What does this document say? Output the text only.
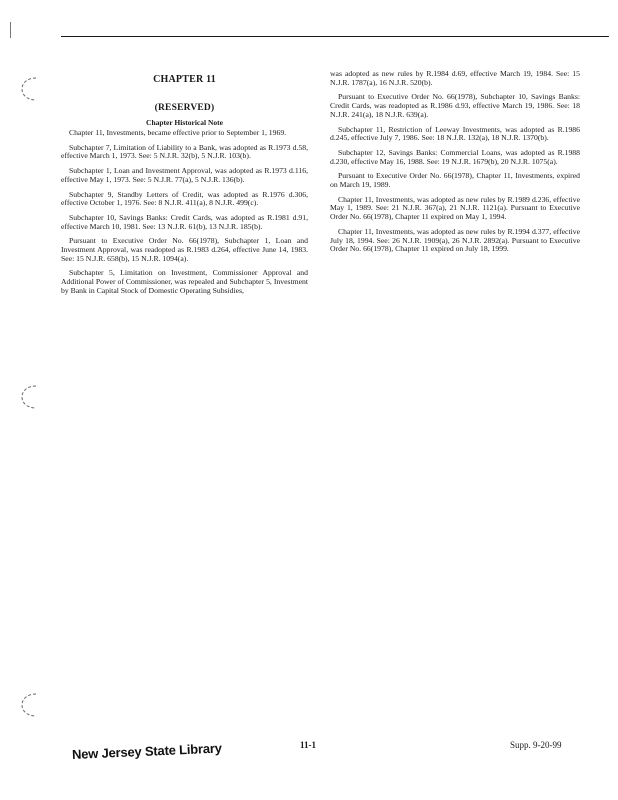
CHAPTER 11
(RESERVED)
Chapter Historical Note

Chapter 11, Investments, became effective prior to September 1, 1969.

Subchapter 7, Limitation of Liability to a Bank, was adopted as R.1973 d.58, effective March 1, 1973. See: 5 N.J.R. 32(b), 5 N.J.R. 103(b).

Subchapter 1, Loan and Investment Approval, was adopted as R.1973 d.116, effective May 1, 1973. See: 5 N.J.R. 77(a), 5 N.J.R. 136(b).

Subchapter 9, Standby Letters of Credit, was adopted as R.1976 d.306, effective October 1, 1976. See: 8 N.J.R. 411(a), 8 N.J.R. 499(c).

Subchapter 10, Savings Banks: Credit Cards, was adopted as R.1981 d.91, effective March 10, 1981. See: 13 N.J.R. 61(b), 13 N.J.R. 185(b).

Pursuant to Executive Order No. 66(1978), Subchapter 1, Loan and Investment Approval, was readopted as R.1983 d.264, effective June 14, 1983. See: 15 N.J.R. 658(b), 15 N.J.R. 1094(a).

Subchapter 5, Limitation on Investment, Commissioner Approval and Additional Power of Commissioner, was repealed and Subchapter 5, Investment by Bank in Capital Stock of Domestic Operating Subsidies,

was adopted as new rules by R.1984 d.69, effective March 19, 1984. See: 15 N.J.R. 1787(a), 16 N.J.R. 520(b).

Pursuant to Executive Order No. 66(1978), Subchapter 10, Savings Banks: Credit Cards, was readopted as R.1986 d.93, effective March 19, 1986. See: 18 N.J.R. 241(a), 18 N.J.R. 639(a).

Subchapter 11, Restriction of Leeway Investments, was adopted as R.1986 d.245, effective July 7, 1986. See: 18 N.J.R. 132(a), 18 N.J.R. 1370(b).

Subchapter 12, Savings Banks: Commercial Loans, was adopted as R.1988 d.230, effective May 16, 1988. See: 19 N.J.R. 1679(b), 20 N.J.R. 1075(a).

Pursuant to Executive Order No. 66(1978), Chapter 11, Investments, expired on March 19, 1989.

Chapter 11, Investments, was adopted as new rules by R.1989 d.236, effective May 1, 1989. See: 21 N.J.R. 367(a), 21 N.J.R. 1121(a). Pursuant to Executive Order No. 66(1978), Chapter 11 expired on May 1, 1994.

Chapter 11, Investments, was adopted as new rules by R.1994 d.377, effective July 18, 1994. See: 26 N.J.R. 1909(a), 26 N.J.R. 2892(a). Pursuant to Executive Order No. 66(1978), Chapter 11 expired on July 18, 1999.

11-1	Supp. 9-20-99
New Jersey State Library
